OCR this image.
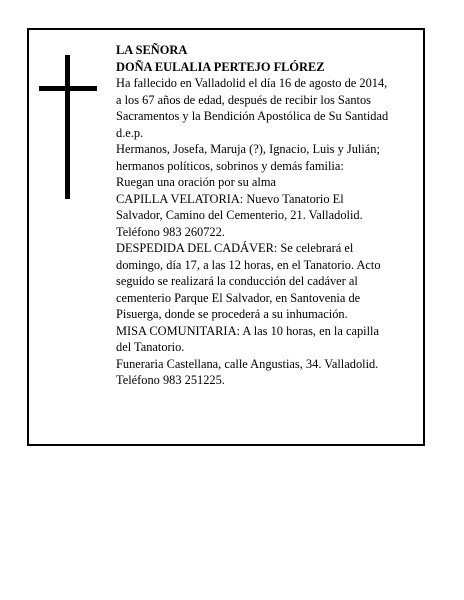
LA SEÑORA
DOÑA EULALIA PERTEJO FLÓREZ
Ha fallecido en Valladolid el día 16 de agosto de 2014,
a los 67 años de edad, después de recibir los Santos
Sacramentos y la Bendición Apostólica de Su Santidad
d.e.p.
Hermanos, Josefa, Maruja (?), Ignacio, Luis y Julián;
hermanos políticos, sobrinos y demás familia:
Ruegan una oración por su alma
CAPILLA VELATORIA: Nuevo Tanatorio El
Salvador, Camino del Cementerio, 21. Valladolid.
Teléfono 983 260722.
DESPEDIDA DEL CADÁVER: Se celebrará el
domingo, día 17, a las 12 horas, en el Tanatorio. Acto
seguido se realizará la conducción del cadáver al
cementerio Parque El Salvador, en Santovenia de
Pisuerga, donde se procederá a su inhumación.
MISA COMUNITARIA: A las 10 horas, en la capilla
del Tanatorio.
Funeraria Castellana, calle Angustias, 34. Valladolid.
Teléfono 983 251225.
